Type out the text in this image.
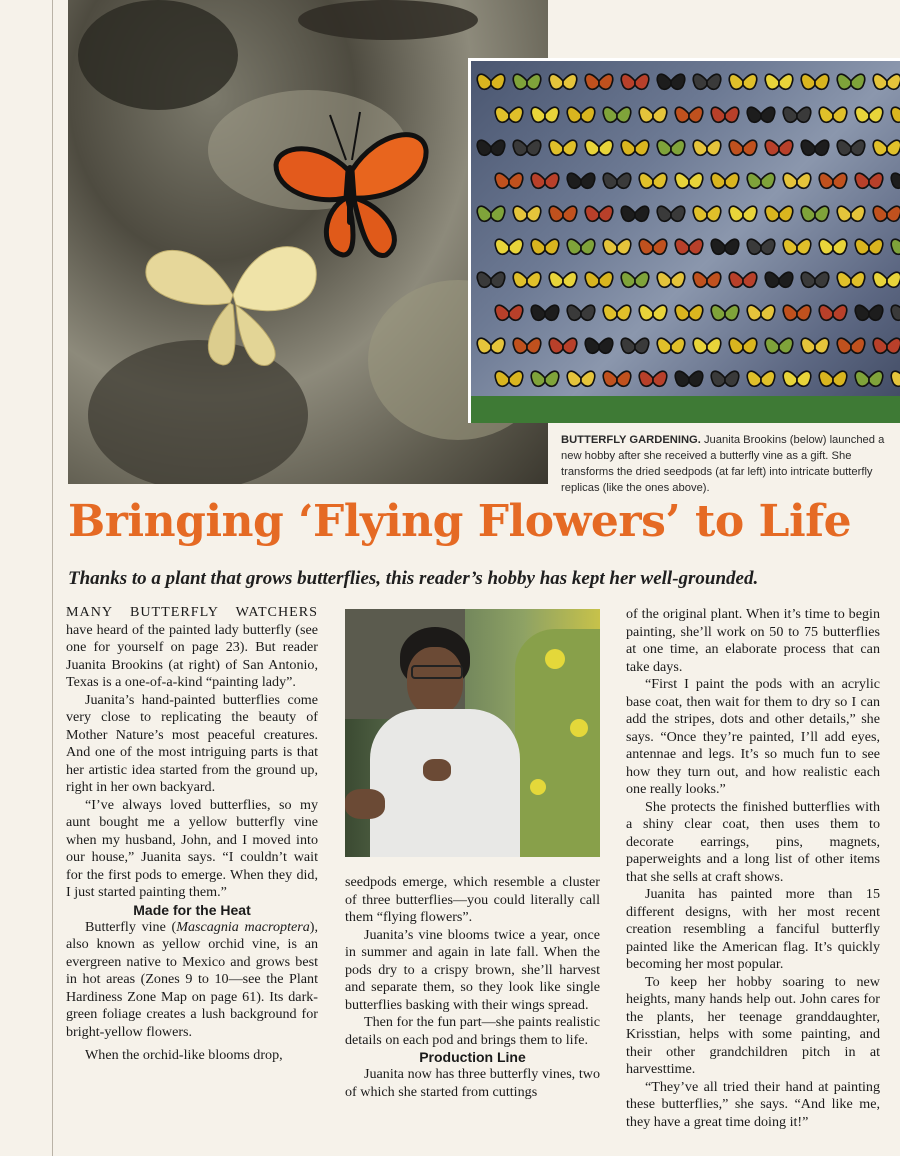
BUTTERFLY GARDENING. Juanita Brookins (below) launched a new hobby after she received a butterfly vine as a gift. She transforms the dried seedpods (at far left) into intricate butterfly replicas (like the ones above).
Bringing ‘Flying Flowers’ to Life
Thanks to a plant that grows butterflies, this reader’s hobby has kept her well-grounded.

MANY BUTTERFLY WATCHERS have heard of the painted lady butterfly (see one for yourself on page 23). But reader Juanita Brookins (at right) of San Antonio, Texas is a one-of-a-kind “painting lady”.

Juanita’s hand-painted butterflies come very close to replicating the beauty of Mother Nature’s most peaceful creatures. And one of the most intriguing parts is that her artistic idea started from the ground up, right in her own backyard.

“I’ve always loved butterflies, so my aunt bought me a yellow butterfly vine when my husband, John, and I moved into our house,” Juanita says. “I couldn’t wait for the first pods to emerge. When they did, I just started painting them.”

Made for the Heat

Butterfly vine (Mascagnia macroptera), also known as yellow orchid vine, is an evergreen native to Mexico and grows best in hot areas (Zones 9 to 10—see the Plant Hardiness Zone Map on page 61). Its dark-green foliage creates a lush background for bright-yellow flowers.

When the orchid-like blooms drop,

seedpods emerge, which resemble a cluster of three butterflies—you could literally call them “flying flowers”.

Juanita’s vine blooms twice a year, once in summer and again in late fall. When the pods dry to a crispy brown, she’ll harvest and separate them, so they look like single butterflies basking with their wings spread.

Then for the fun part—she paints realistic details on each pod and brings them to life.

Production Line

Juanita now has three butterfly vines, two of which she started from cuttings

of the original plant. When it’s time to begin painting, she’ll work on 50 to 75 butterflies at one time, an elaborate process that can take days.

“First I paint the pods with an acrylic base coat, then wait for them to dry so I can add the stripes, dots and other details,” she says. “Once they’re painted, I’ll add eyes, antennae and legs. It’s so much fun to see how they turn out, and how realistic each one really looks.”

She protects the finished butterflies with a shiny clear coat, then uses them to decorate earrings, pins, magnets, paperweights and a long list of other items that she sells at craft shows.

Juanita has painted more than 15 different designs, with her most recent creation resembling a fanciful butterfly painted like the American flag. It’s quickly becoming her most popular.

To keep her hobby soaring to new heights, many hands help out. John cares for the plants, her teenage granddaughter, Krisstian, helps with some painting, and their other grandchildren pitch in at harvesttime.

“They’ve all tried their hand at painting these butterflies,” she says. “And like me, they have a great time doing it!”
